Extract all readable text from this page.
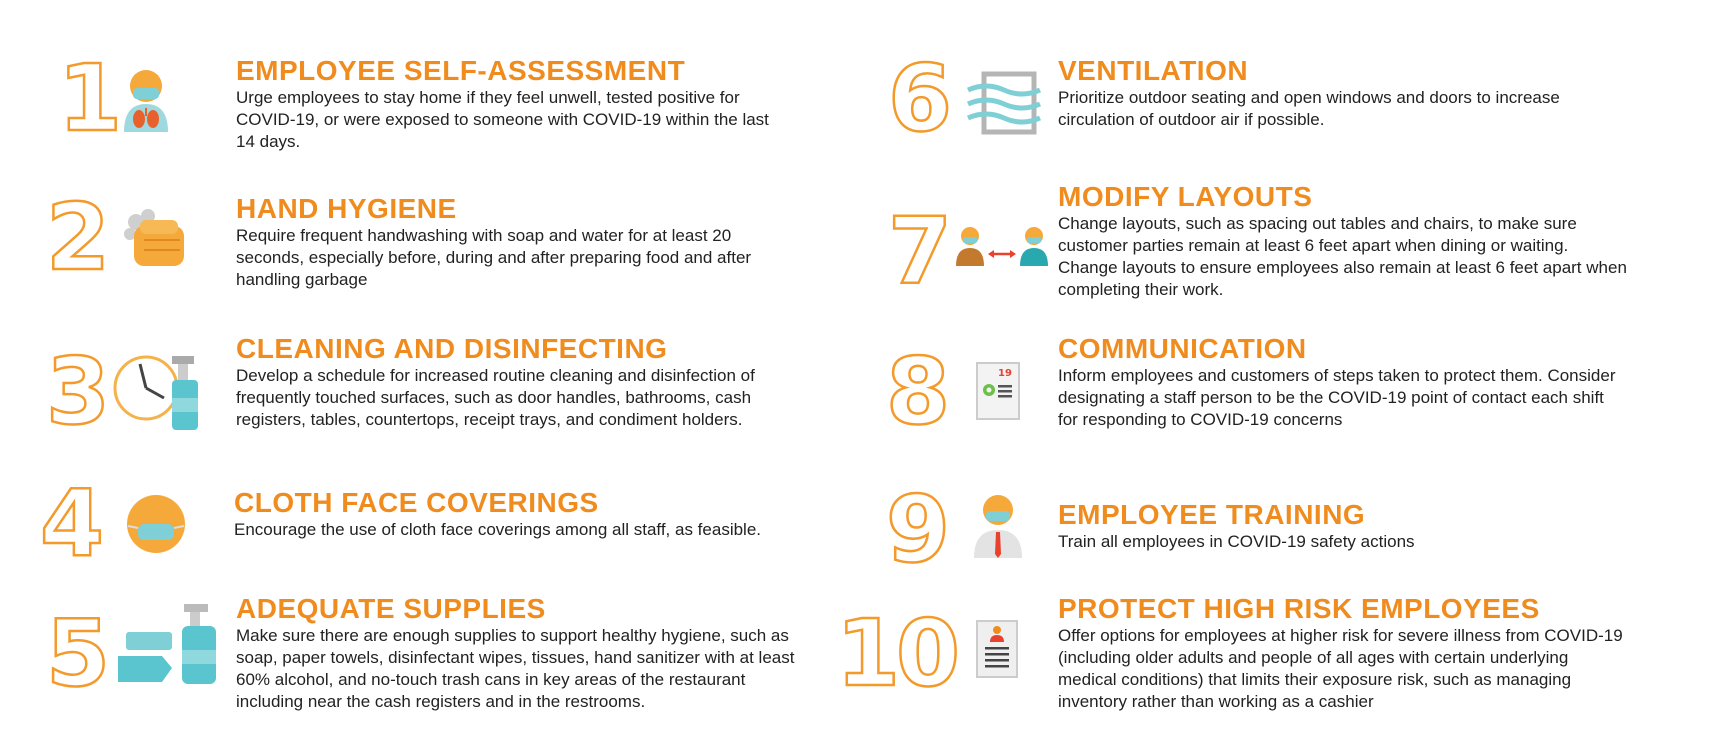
1	EMPLOYEE SELF-ASSESSMENT
Urge employees to stay home if they feel unwell, tested positive for COVID-19, or were exposed to someone with COVID-19 within the last 14 days.
2	HAND HYGIENE
Require frequent handwashing with soap and water for at least 20 seconds, especially before, during and after preparing food and after handling garbage
3	CLEANING AND DISINFECTING
Develop a schedule for increased routine cleaning and disinfection of frequently touched surfaces, such as door handles, bathrooms, cash registers, tables, countertops, receipt trays, and condiment holders.
4	CLOTH FACE COVERINGS
Encourage the use of cloth face coverings among all staff, as feasible.
5	ADEQUATE SUPPLIES
Make sure there are enough supplies to support healthy hygiene, such as soap, paper towels, disinfectant wipes, tissues, hand sanitizer with at least 60% alcohol, and no-touch trash cans in key areas of the restaurant including near the cash registers and in the restrooms.
6	VENTILATION
Prioritize outdoor seating and open windows and doors to increase circulation of outdoor air if possible.
7
MODIFY LAYOUTS
Change layouts, such as spacing out tables and chairs, to make sure customer parties remain at least 6 feet apart when dining or waiting. Change layouts to ensure employees also remain at least 6 feet apart when completing their work.
8	19
COMMUNICATION
Inform employees and customers of steps taken to protect them. Consider designating a staff person to be the COVID-19 point of contact each shift for responding to COVID-19 concerns
9	EMPLOYEE TRAINING
Train all employees in COVID-19 safety actions
10	PROTECT HIGH RISK EMPLOYEES
Offer options for employees at higher risk for severe illness from COVID-19 (including older adults and people of all ages with certain underlying medical conditions) that limits their exposure risk, such as managing inventory rather than working as a cashier
